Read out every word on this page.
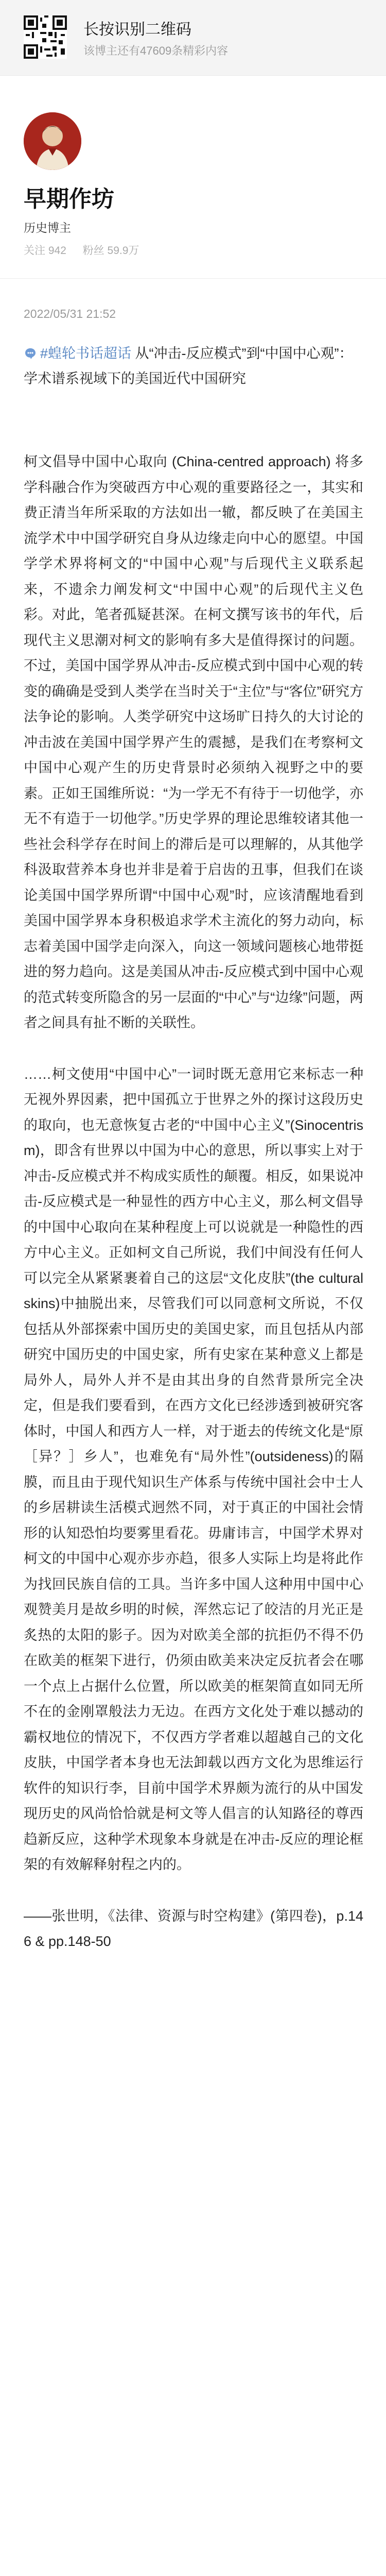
长按识别二维码
该博主还有47609条精彩内容
早期作坊
历史博主
关注 942 粉丝 59.9万
2022/05/31 21:52
#蝗轮书话超话 从“冲击-反应模式”到“中国中心观”：学术谱系视域下的美国近代中国研究

柯文倡导中国中心取向 (China-centred approach) 将多学科融合作为突破西方中心观的重要路径之一，其实和费正清当年所采取的方法如出一辙，都反映了在美国主流学术中中国学研究自身从边缘走向中心的愿望。中国学学术界将柯文的“中国中心观”与后现代主义联系起来，不遗余力阐发柯文“中国中心观”的后现代主义色彩。对此，笔者孤疑甚深。在柯文撰写该书的年代，后现代主义思潮对柯文的影响有多大是值得探讨的问题。不过，美国中国学界从冲击-反应模式到中国中心观的转变的确确是受到人类学在当时关于“主位”与“客位”研究方法争论的影响。人类学研究中这场旷日持久的大讨论的冲击波在美国中国学界产生的震撼，是我们在考察柯文中国中心观产生的历史背景时必须纳入视野之中的要素。正如王国维所说：“为一学无不有待于一切他学，亦无不有造于一切他学。”历史学界的理论思维较诸其他一些社会科学存在时间上的滞后是可以理解的，从其他学科汲取营养本身也并非是着于启齿的丑事，但我们在谈论美国中国学界所谓“中国中心观”时，应该清醒地看到美国中国学界本身积极追求学术主流化的努力动向，标志着美国中国学走向深入，向这一领域问题核心地带挺进的努力趋向。这是美国从冲击-反应模式到中国中心观的范式转变所隐含的另一层面的“中心”与“边缘”问题，两者之间具有扯不断的关联性。

……柯文使用“中国中心”一词时既无意用它来标志一种无视外界因素，把中国孤立于世界之外的探讨这段历史的取向，也无意恢复古老的“中国中心主义”(Sinocentrism)，即含有世界以中国为中心的意思，所以事实上对于冲击-反应模式并不构成实质性的颠覆。相反，如果说冲击-反应模式是一种显性的西方中心主义，那么柯文倡导的中国中心取向在某种程度上可以说就是一种隐性的西方中心主义。正如柯文自己所说，我们中间没有任何人可以完全从紧紧裹着自己的这层“文化皮肤”(the cultural skins)中抽脱出来，尽管我们可以同意柯文所说，不仅包括从外部探索中国历史的美国史家，而且包括从内部研究中国历史的中国史家，所有史家在某种意义上都是局外人，局外人并不是由其出身的自然背景所完全决定，但是我们要看到，在西方文化已经涉透到被研究客体时，中国人和西方人一样，对于逝去的传统文化是“原［异？］乡人”，也难免有“局外性”(outsideness)的隔膜，而且由于现代知识生产体系与传统中国社会中士人的乡居耕读生活模式迥然不同，对于真正的中国社会情形的认知恐怕均要雾里看花。毋庸讳言，中国学术界对柯文的中国中心观亦步亦趋，很多人实际上均是将此作为找回民族自信的工具。当许多中国人这种用中国中心观赞美月是故乡明的时候，浑然忘记了皎洁的月光正是炙热的太阳的影子。因为对欧美全部的抗拒仍不得不仍在欧美的框架下进行，仍须由欧美来决定反抗者会在哪一个点上占据什么位置，所以欧美的框架简直如同无所不在的金刚罩般法力无边。在西方文化处于难以撼动的霸权地位的情况下，不仅西方学者难以超越自己的文化皮肤，中国学者本身也无法卸载以西方文化为思维运行软件的知识行李，目前中国学术界颇为流行的从中国发现历史的风尚恰恰就是柯文等人倡言的认知路径的尊西趋新反应，这种学术现象本身就是在冲击-反应的理论框架的有效解释射程之内的。

——张世明，《法律、资源与时空构建》(第四卷)，p.146 & pp.148-50
